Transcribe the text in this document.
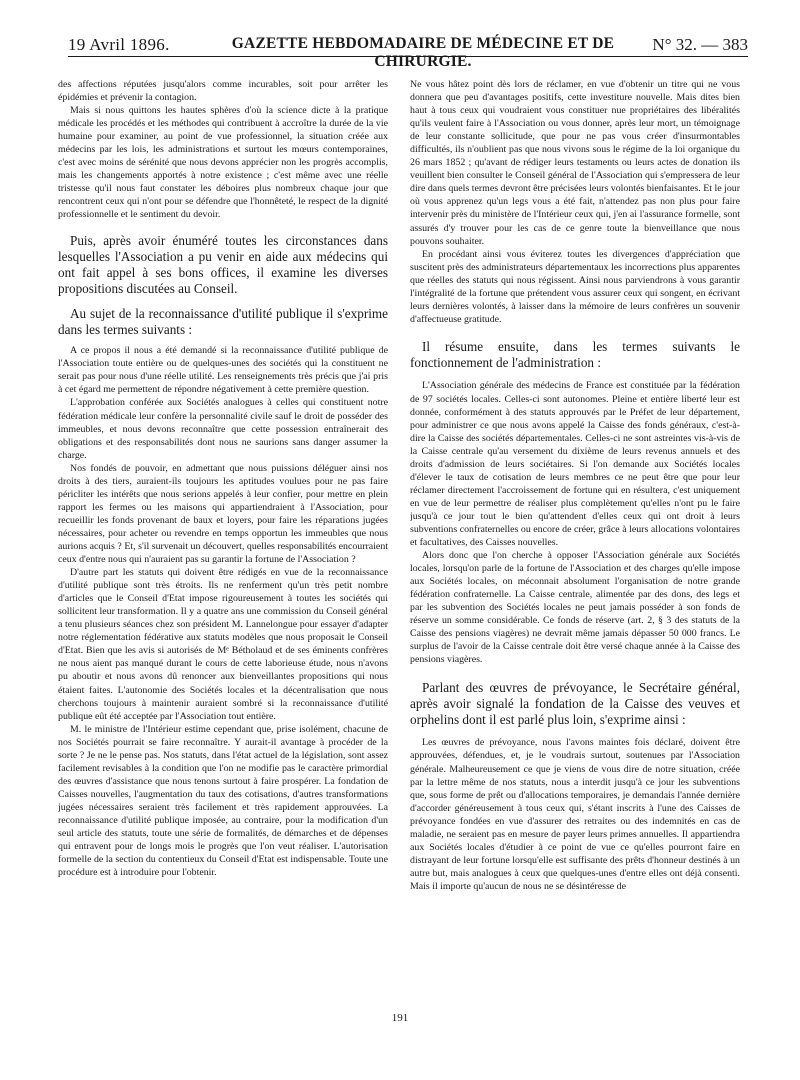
19 Avril 1896.	GAZETTE HEBDOMADAIRE DE MÉDECINE ET DE CHIRURGIE.
N° 32. — 383

des affections réputées jusqu'alors comme incurables, soit pour arrêter les épidémies et prévenir la contagion.

Mais si nous quittons les hautes sphères d'où la science dicte à la pratique médicale les procédés et les méthodes qui contribuent à accroître la durée de la vie humaine pour examiner, au point de vue professionnel, la situation créée aux médecins par les lois, les administrations et surtout les mœurs contemporaines, c'est avec moins de sérénité que nous devons apprécier non les progrès accomplis, mais les changements apportés à notre existence ; c'est même avec une réelle tristesse qu'il nous faut constater les déboires plus nombreux chaque jour que rencontrent ceux qui n'ont pour se défendre que l'honnêteté, le respect de la dignité professionnelle et le sentiment du devoir.

Puis, après avoir énuméré toutes les circonstances dans lesquelles l'Association a pu venir en aide aux médecins qui ont fait appel à ses bons offices, il examine les diverses propositions discutées au Conseil.

Au sujet de la reconnaissance d'utilité publique il s'exprime dans les termes suivants :

A ce propos il nous a été demandé si la reconnaissance d'utilité publique de l'Association toute entière ou de quelques-unes des sociétés qui la constituent ne serait pas pour nous d'une réelle utilité. Les renseignements très précis que j'ai pris à cet égard me permettent de répondre négativement à cette première question.

L'approbation conférée aux Sociétés analogues à celles qui constituent notre fédération médicale leur confère la personnalité civile sauf le droit de posséder des immeubles, et nous devons reconnaître que cette possession entraînerait des obligations et des responsabilités dont nous ne saurions sans danger assumer la charge.

Nos fondés de pouvoir, en admettant que nous puissions déléguer ainsi nos droits à des tiers, auraient-ils toujours les aptitudes voulues pour ne pas faire péricliter les intérêts que nous serions appelés à leur confier, pour mettre en plein rapport les fermes ou les maisons qui appartiendraient à l'Association, pour recueillir les fonds provenant de baux et loyers, pour faire les réparations jugées nécessaires, pour acheter ou revendre en temps opportun les immeubles que nous aurions acquis ? Et, s'il survenait un découvert, quelles responsabilités encourraient ceux d'entre nous qui n'auraient pas su garantir la fortune de l'Association ?

D'autre part les statuts qui doivent être rédigés en vue de la reconnaissance d'utilité publique sont très étroits. Ils ne renferment qu'un très petit nombre d'articles que le Conseil d'Etat impose rigoureusement à toutes les sociétés qui sollicitent leur transformation. Il y a quatre ans une commission du Conseil général a tenu plusieurs séances chez son président M. Lannelongue pour essayer d'adapter notre réglementation fédérative aux statuts modèles que nous proposait le Conseil d'Etat. Bien que les avis si autorisés de Mᵉ Bétholaud et de ses éminents confrères ne nous aient pas manqué durant le cours de cette laborieuse étude, nous n'avons pu aboutir et nous avons dû renoncer aux bienveillantes propositions qui nous étaient faites. L'autonomie des Sociétés locales et la décentralisation que nous cherchons toujours à maintenir auraient sombré si la reconnaissance d'utilité publique eût été acceptée par l'Association tout entière.

M. le ministre de l'Intérieur estime cependant que, prise isolément, chacune de nos Sociétés pourrait se faire reconnaître. Y aurait-il avantage à procéder de la sorte ? Je ne le pense pas. Nos statuts, dans l'état actuel de la législation, sont assez facilement revisables à la condition que l'on ne modifie pas le caractère primordial des œuvres d'assistance que nous tenons surtout à faire prospérer. La fondation de Caisses nouvelles, l'augmentation du taux des cotisations, d'autres transformations jugées nécessaires seraient très facilement et très rapidement approuvées. La reconnaissance d'utilité publique imposée, au contraire, pour la modification d'un seul article des statuts, toute une série de formalités, de démarches et de dépenses qui entravent pour de longs mois le progrès que l'on veut réaliser. L'autorisation formelle de la section du contentieux du Conseil d'Etat est indispensable. Toute une procédure est à introduire pour l'obtenir.

Ne vous hâtez point dès lors de réclamer, en vue d'obtenir un titre qui ne vous donnera que peu d'avantages positifs, cette investiture nouvelle. Mais dites bien haut à tous ceux qui voudraient vous constituer nue propriétaires des libéralités qu'ils veulent faire à l'Association ou vous donner, après leur mort, un témoignage de leur constante sollicitude, que pour ne pas vous créer d'insurmontables difficultés, ils n'oublient pas que nous vivons sous le régime de la loi organique du 26 mars 1852 ; qu'avant de rédiger leurs testaments ou leurs actes de donation ils veuillent bien consulter le Conseil général de l'Association qui s'empressera de leur dire dans quels termes devront être précisées leurs volontés bienfaisantes. Et le jour où vous apprenez qu'un legs vous a été fait, n'attendez pas non plus pour faire intervenir près du ministère de l'Intérieur ceux qui, j'en ai l'assurance formelle, sont assurés d'y trouver pour les cas de ce genre toute la bienveillance que nous pouvons souhaiter.

En procédant ainsi vous éviterez toutes les divergences d'appréciation que suscitent près des administrateurs départementaux les incorrections plus apparentes que réelles des statuts qui nous régissent. Ainsi nous parviendrons à vous garantir l'intégralité de la fortune que prétendent vous assurer ceux qui songent, en écrivant leurs dernières volontés, à laisser dans la mémoire de leurs confrères un souvenir d'affectueuse gratitude.

Il résume ensuite, dans les termes suivants le fonctionnement de l'administration :

L'Association générale des médecins de France est constituée par la fédération de 97 sociétés locales. Celles-ci sont autonomes. Pleine et entière liberté leur est donnée, conformément à des statuts approuvés par le Préfet de leur département, pour administrer ce que nous avons appelé la Caisse des fonds généraux, c'est-à-dire la Caisse des sociétés départementales. Celles-ci ne sont astreintes vis-à-vis de la Caisse centrale qu'au versement du dixième de leurs revenus annuels et des droits d'admission de leurs sociétaires. Si l'on demande aux Sociétés locales d'élever le taux de cotisation de leurs membres ce ne peut être que pour leur réclamer directement l'accroissement de fortune qui en résultera, c'est uniquement en vue de leur permettre de réaliser plus complètement qu'elles n'ont pu le faire jusqu'à ce jour tout le bien qu'attendent d'elles ceux qui ont droit à leurs subventions confraternelles ou encore de créer, grâce à leurs allocations volontaires et facultatives, des Caisses nouvelles.

Alors donc que l'on cherche à opposer l'Association générale aux Sociétés locales, lorsqu'on parle de la fortune de l'Association et des charges qu'elle impose aux Sociétés locales, on méconnait absolument l'organisation de notre grande fédération confraternelle. La Caisse centrale, alimentée par des dons, des legs et par les subvention des Sociétés locales ne peut jamais posséder à son fonds de réserve un somme considérable. Ce fonds de réserve (art. 2, § 3 des statuts de la Caisse des pensions viagères) ne devrait même jamais dépasser 50 000 francs. Le surplus de l'avoir de la Caisse centrale doit être versé chaque année à la Caisse des pensions viagères.

Parlant des œuvres de prévoyance, le Secrétaire général, après avoir signalé la fondation de la Caisse des veuves et orphelins dont il est parlé plus loin, s'exprime ainsi :

Les œuvres de prévoyance, nous l'avons maintes fois déclaré, doivent être approuvées, défendues, et, je le voudrais surtout, soutenues par l'Association générale. Malheureusement ce que je viens de vous dire de notre situation, créée par la lettre même de nos statuts, nous a interdit jusqu'à ce jour les subventions que, sous forme de prêt ou d'allocations temporaires, je demandais l'année dernière d'accorder généreusement à tous ceux qui, s'étant inscrits à l'une des Caisses de prévoyance fondées en vue d'assurer des retraites ou des indemnités en cas de maladie, ne seraient pas en mesure de payer leurs primes annuelles. Il appartiendra aux Sociétés locales d'étudier à ce point de vue ce qu'elles pourront faire en distrayant de leur fortune lorsqu'elle est suffisante des prêts d'honneur destinés à un autre but, mais analogues à ceux que quelques-unes d'entre elles ont déjà consenti. Mais il importe qu'aucun de nous ne se désintéresse de

191
